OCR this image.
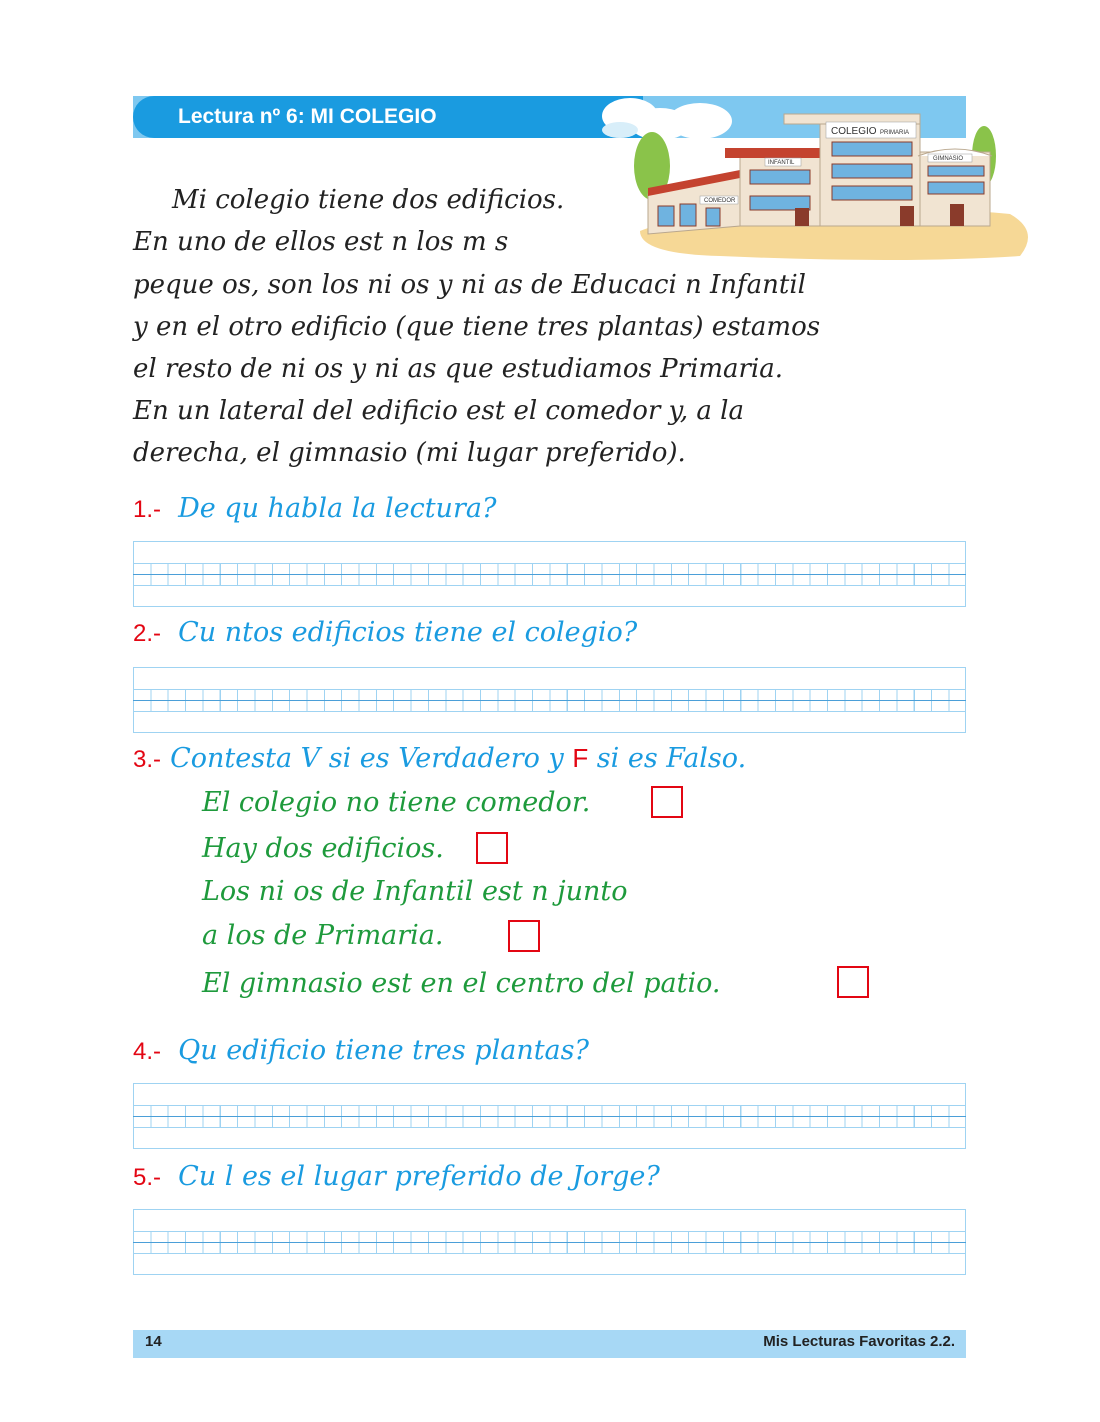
Lectura nº 6: MI COLEGIO
COMEDOR
INFANTIL
COLEGIO PRIMARIA
GIMNASIO
Mi colegio tiene dos edificios.
En uno de ellos est n los m s
peque os, son los ni os y ni as de Educaci n Infantil
y en el otro edificio (que tiene tres plantas) estamos
el resto de ni os y ni as que estudiamos Primaria.
En un lateral del edificio est el comedor y, a la
derecha, el gimnasio (mi lugar preferido).
1.- De qu habla la lectura?
2.- Cu ntos edificios tiene el colegio?
3.- Contesta V si es Verdadero y F si es Falso.
El colegio no tiene comedor.
Hay dos edificios.
Los ni os de Infantil est n junto
a los de Primaria.
El gimnasio est en el centro del patio.
4.- Qu edificio tiene tres plantas?
5.- Cu l es el lugar preferido de Jorge?
14	Mis Lecturas Favoritas 2.2.
